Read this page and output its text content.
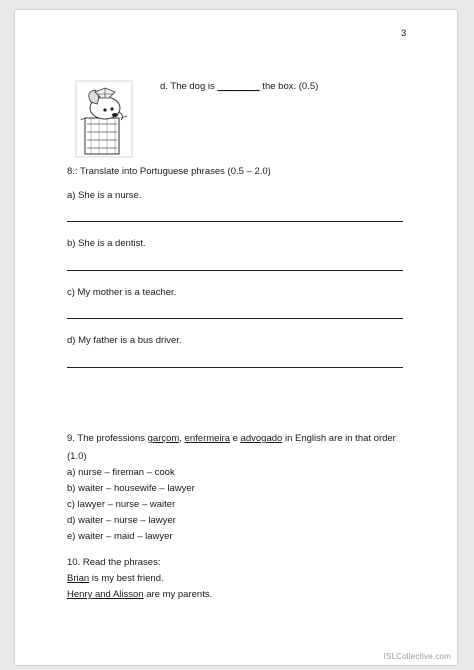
3
d. The dog is ________ the box. (0.5)
8.: Translate into Portuguese phrases (0.5 – 2.0)
a) She is a nurse.
b) She is a dentist.
c) My mother is a teacher.
d) My father is a bus driver.
9. The professions garçom, enfermeira e advogado in English are in that order
(1.0)
a) nurse – fireman – cook
b) waiter – housewife – lawyer
c) lawyer – nurse – waiter
d) waiter – nurse – lawyer
e) waiter – maid – lawyer
10. Read the phrases:
Brian is my best friend.
Henry and Alisson are my parents.
ISLCollective.com
